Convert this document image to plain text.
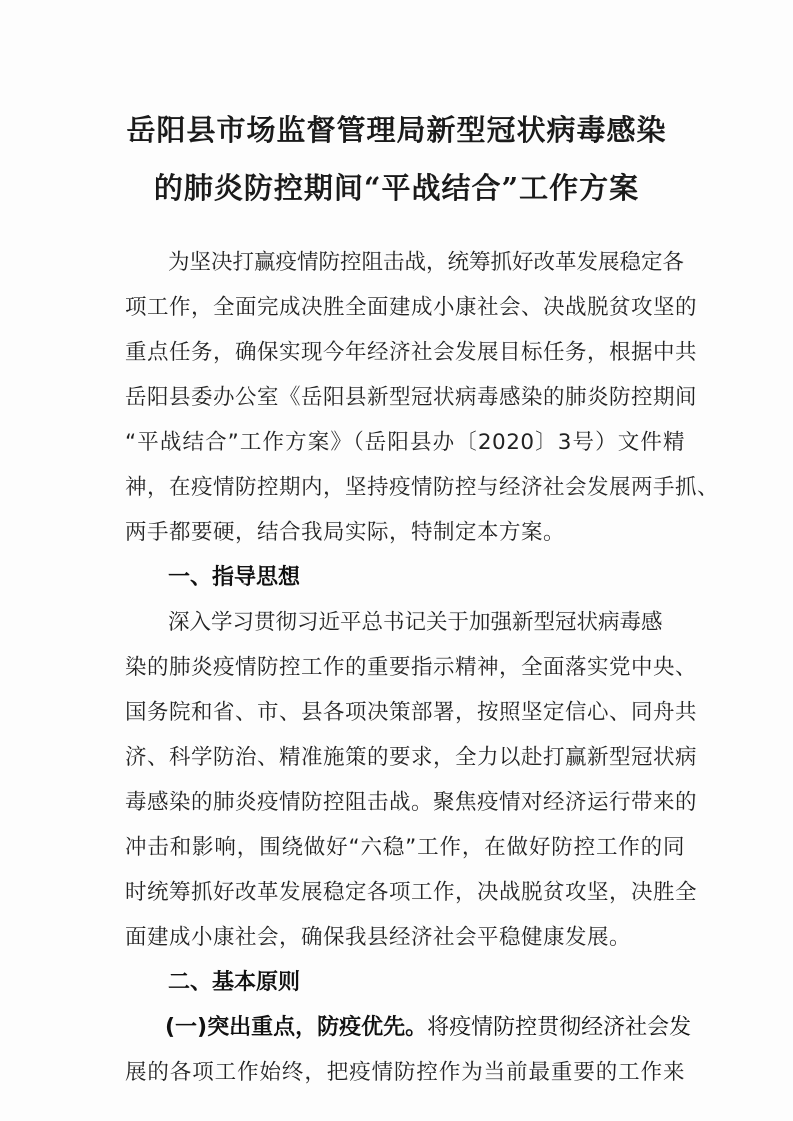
岳阳县市场监督管理局新型冠状病毒感染
的肺炎防控期间“平战结合”工作方案
为坚决打赢疫情防控阻击战，统筹抓好改革发展稳定各
项工作，全面完成决胜全面建成小康社会、决战脱贫攻坚的
重点任务，确保实现今年经济社会发展目标任务，根据中共
岳阳县委办公室《岳阳县新型冠状病毒感染的肺炎防控期间
“平战结合”工作方案》（岳阳县办〔2020〕3号）文件精
神，在疫情防控期内，坚持疫情防控与经济社会发展两手抓、
两手都要硬，结合我局实际，特制定本方案。
一、指导思想
深入学习贯彻习近平总书记关于加强新型冠状病毒感
染的肺炎疫情防控工作的重要指示精神，全面落实党中央、
国务院和省、市、县各项决策部署，按照坚定信心、同舟共
济、科学防治、精准施策的要求，全力以赴打赢新型冠状病
毒感染的肺炎疫情防控阻击战。聚焦疫情对经济运行带来的
冲击和影响，围绕做好“六稳”工作，在做好防控工作的同
时统筹抓好改革发展稳定各项工作，决战脱贫攻坚，决胜全
面建成小康社会，确保我县经济社会平稳健康发展。
二、基本原则
(一)突出重点，防疫优先。将疫情防控贯彻经济社会发
展的各项工作始终，把疫情防控作为当前最重要的工作来
